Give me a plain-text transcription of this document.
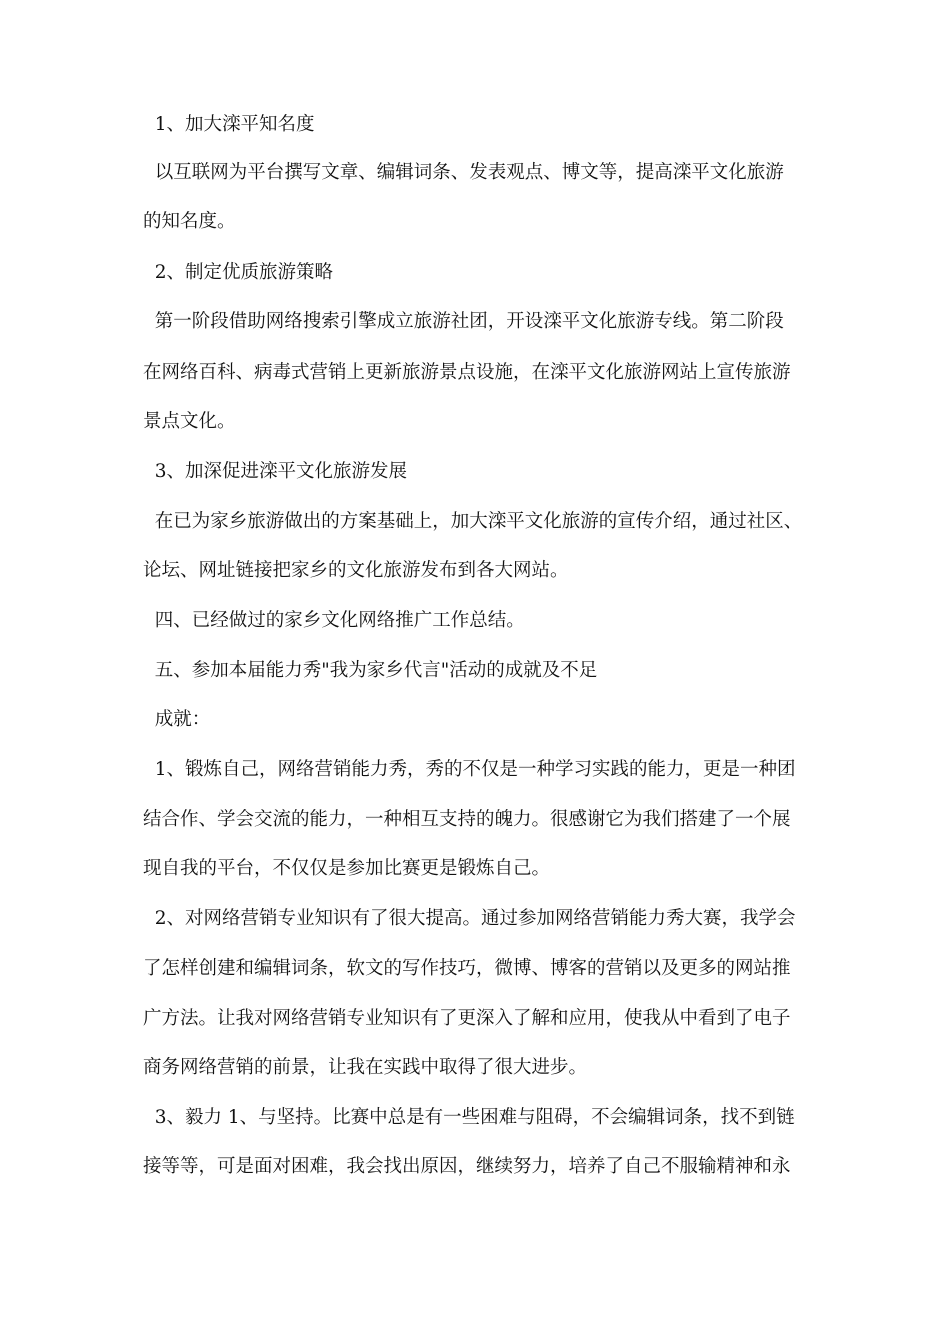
1、加大滦平知名度
以互联网为平台撰写文章、编辑词条、发表观点、博文等，提高滦平文化旅游
的知名度。
2、制定优质旅游策略
第一阶段借助网络搜索引擎成立旅游社团，开设滦平文化旅游专线。第二阶段
在网络百科、病毒式营销上更新旅游景点设施，在滦平文化旅游网站上宣传旅游
景点文化。
3、加深促进滦平文化旅游发展
在已为家乡旅游做出的方案基础上，加大滦平文化旅游的宣传介绍，通过社区、
论坛、网址链接把家乡的文化旅游发布到各大网站。
四、已经做过的家乡文化网络推广工作总结。
五、参加本届能力秀"我为家乡代言"活动的成就及不足
成就：
1、锻炼自己，网络营销能力秀，秀的不仅是一种学习实践的能力，更是一种团
结合作、学会交流的能力，一种相互支持的魄力。很感谢它为我们搭建了一个展
现自我的平台，不仅仅是参加比赛更是锻炼自己。
2、对网络营销专业知识有了很大提高。通过参加网络营销能力秀大赛，我学会
了怎样创建和编辑词条，软文的写作技巧，微博、博客的营销以及更多的网站推
广方法。让我对网络营销专业知识有了更深入了解和应用，使我从中看到了电子
商务网络营销的前景，让我在实践中取得了很大进步。
3、毅力 1、与坚持。比赛中总是有一些困难与阻碍，不会编辑词条，找不到链
接等等，可是面对困难，我会找出原因，继续努力，培养了自己不服输精神和永
